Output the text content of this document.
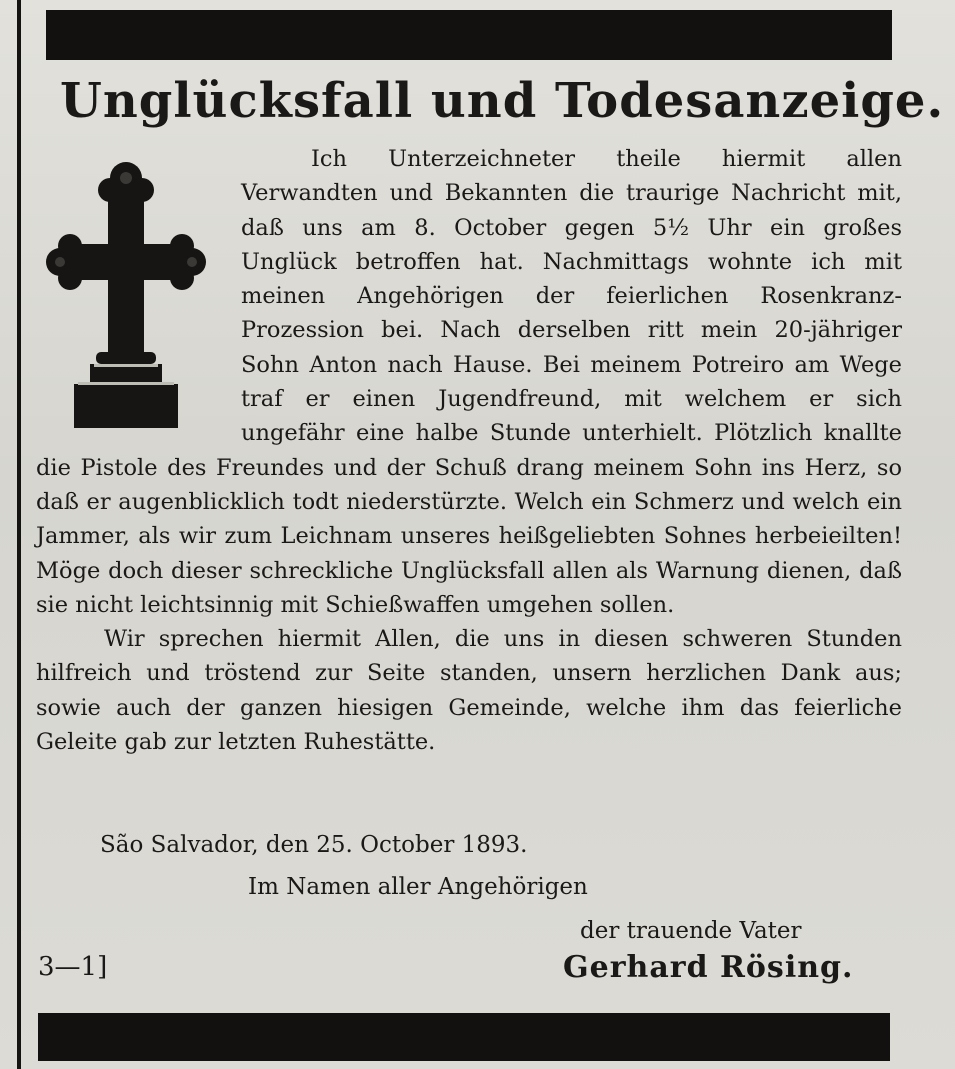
Unglücksfall und Todesanzeige.

Ich Unterzeichneter theile hiermit allen Verwandten und Bekannten die traurige Nachricht mit, daß uns am 8. October gegen 5½ Uhr ein großes Unglück betroffen hat. Nachmittags wohnte ich mit meinen Angehörigen der feierlichen Rosenkranz-Prozession bei. Nach derselben ritt mein 20-jähriger Sohn Anton nach Hause. Bei meinem Potreiro am Wege traf er einen Jugendfreund, mit welchem er sich ungefähr eine halbe Stunde unterhielt. Plötzlich knallte die Pistole des Freundes und der Schuß drang meinem Sohn ins Herz, so daß er augenblicklich todt niederstürzte. Welch ein Schmerz und welch ein Jammer, als wir zum Leichnam unseres heißgeliebten Sohnes herbeieilten! Möge doch dieser schreckliche Unglücksfall allen als Warnung dienen, daß sie nicht leichtsinnig mit Schießwaffen umgehen sollen.

Wir sprechen hiermit Allen, die uns in diesen schweren Stunden hilfreich und tröstend zur Seite standen, unsern herzlichen Dank aus; sowie auch der ganzen hiesigen Gemeinde, welche ihm das feierliche Geleite gab zur letzten Ruhestätte.

São Salvador, den 25. October 1893.
Im Namen aller Angehörigen
der trauende Vater
3—1]	Gerhard Rösing.
